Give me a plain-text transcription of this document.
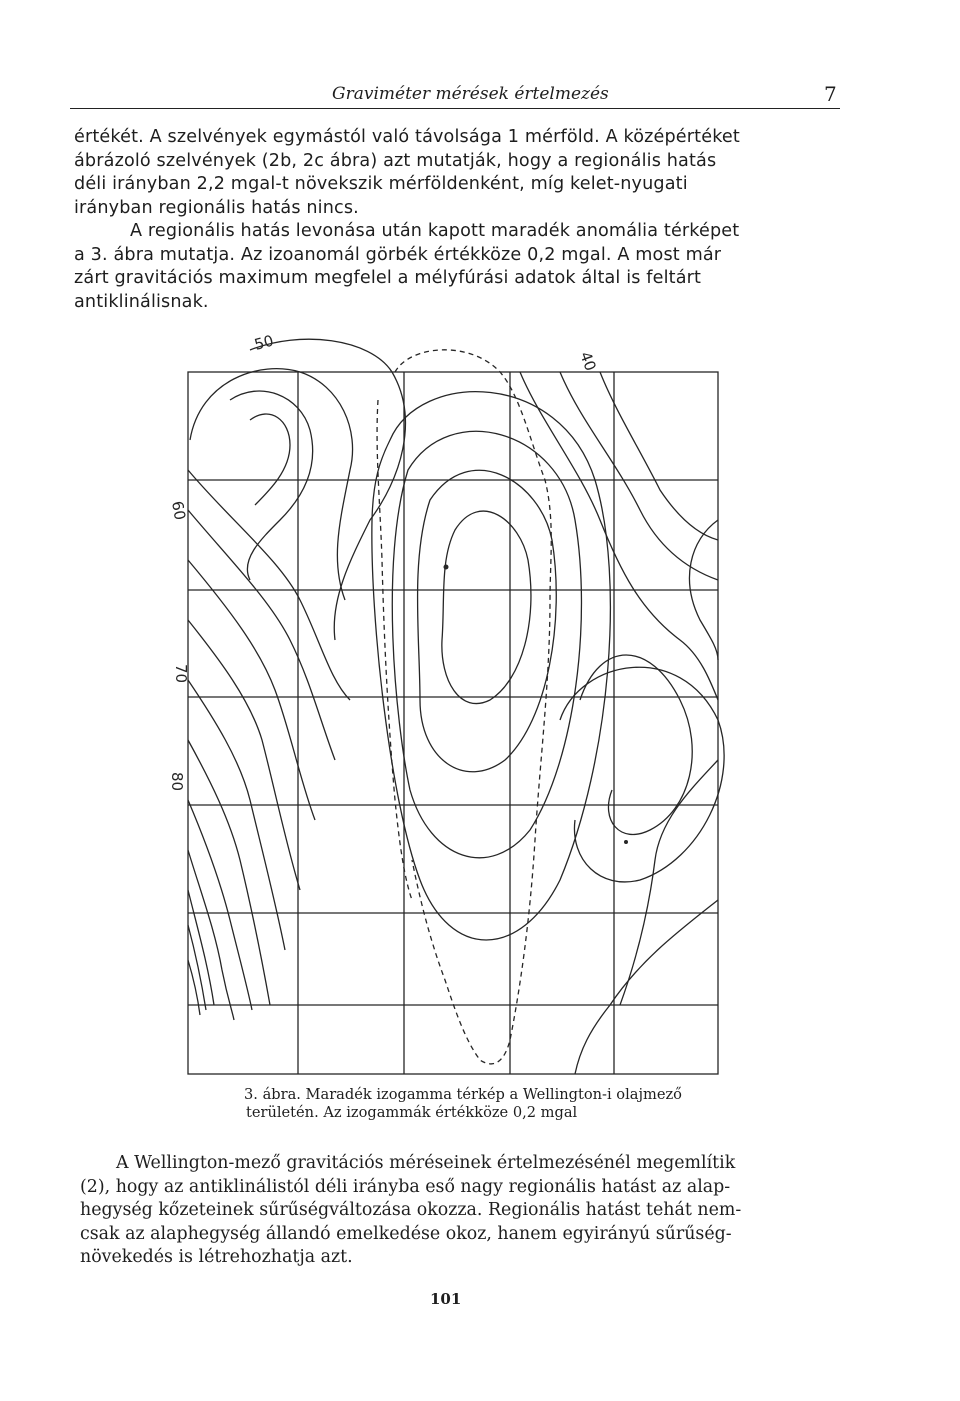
Graviméter mérések értelmezés	7
értékét. A szelvények egymástól való távolsága 1 mérföld. A középértéket
ábrázoló szelvények (2b, 2c ábra) azt mutatják, hogy a regionális hatás
déli irányban 2,2 mgal-t növekszik mérföldenként, míg kelet-nyugati
irányban regionális hatás nincs.
A regionális hatás levonása után kapott maradék anomália térképet
a 3. ábra mutatja. Az izoanomál görbék értékköze 0,2 mgal. A most már
zárt gravitációs maximum megfelel a mélyfúrási adatok által is feltárt
antiklinálisnak.
50
40
60
70
80
3. ábra. Maradék izogamma térkép a Wellington-i olajmező
területén. Az izogammák értékköze 0,2 mgal
A Wellington-mező gravitációs méréseinek értelmezésénél megemlítik
(2), hogy az antiklinálistól déli irányba eső nagy regionális hatást az alap-
hegység kőzeteinek sűrűségváltozása okozza. Regionális hatást tehát nem-
csak az alaphegység állandó emelkedése okoz, hanem egyirányú sűrűség-
növekedés is létrehozhatja azt.
101
